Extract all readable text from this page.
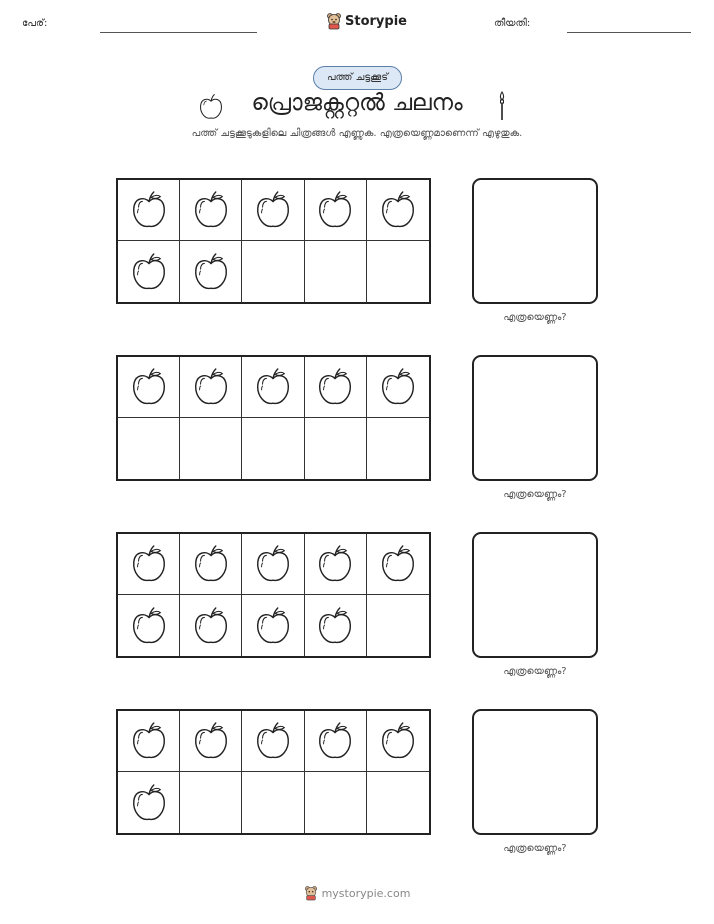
പേര്:	Storypie	തീയതി:
പത്ത് ചട്ടക്കൂട്
പ്രൊജക്റ്ററ്റൽ ചലനം
പത്ത് ചട്ടക്കൂടുകളിലെ ചിത്രങ്ങൾ എണ്ണുക. എത്രയെണ്ണമാണെന്ന് എഴുതുക.
എത്രയെണ്ണം?
എത്രയെണ്ണം?
എത്രയെണ്ണം?
എത്രയെണ്ണം?
mystorypie.com
